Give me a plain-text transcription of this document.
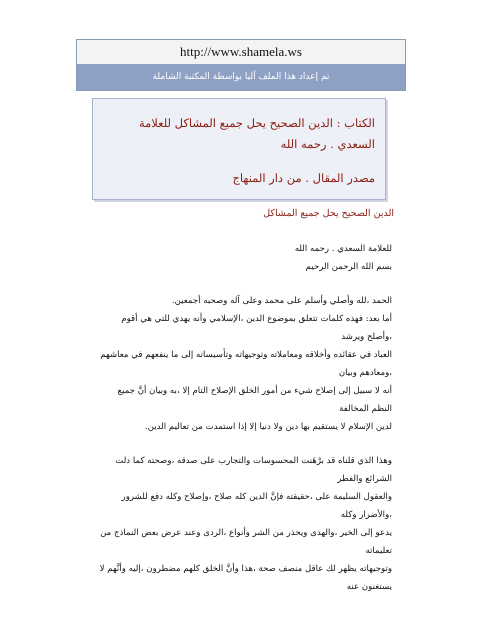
http://www.shamela.ws
تم إعداد هذا الملف آليا بواسطة المكتبة الشاملة
الكتاب : الدين الصحيح يحل جميع المشاكل للعلامة السعدي . رحمه الله
مصدر المقال . من دار المنهاج
الدين الصحيح يحل جميع المشاكل

للعلامة السعدي . رحمه الله

بسم الله الرحمن الرحيم

الحمد ،لله وأصلي وأسلم على محمد وعلى آله وصحبه أجمعين.

أما بعد: فهذه كلمات تتعلق بموضوع الدين ،الإسلامي وأنه يهدي للتي هي أقوم ،وأصلح ويرشد

العباد في عقائده وأخلاقه ومعاملاته وتوجيهاته وتأسيساته إلى ما ينفعهم في معاشهم ،ومعادهم وبيان

أنه لا سبيل إلى إصلاح شيء من أمور الخلق الإصلاح التام إلا ،به وبيان أنَّ جميع النظم المخالفة

لدين الإسلام لا يستقيم بها دين ولا دنيا إلا إذا استمدت من تعاليم الدين.

وهذا الذي قلناه قد برْهَنت المحسوسات والتجارب على صدقه ،وصحته كما دلت الشرائع والفطر

والعقول السليمة على ،حقيقته فإنَّ الدين كله صلاح ،وإصلاح وكله دفع للشرور ،والأضرار وكله

يدعو إلى الخير ،والهدى ويحذر من الشر وأنواع ،الردى وعند عرض بعض النماذج من تعليماته

وتوجيهاته يظهر لك عاقل منصف صحة ،هذا وأنَّ الخلق كلهم مضطرون ،إليه وأنَّهم لا يستغنون عنه
